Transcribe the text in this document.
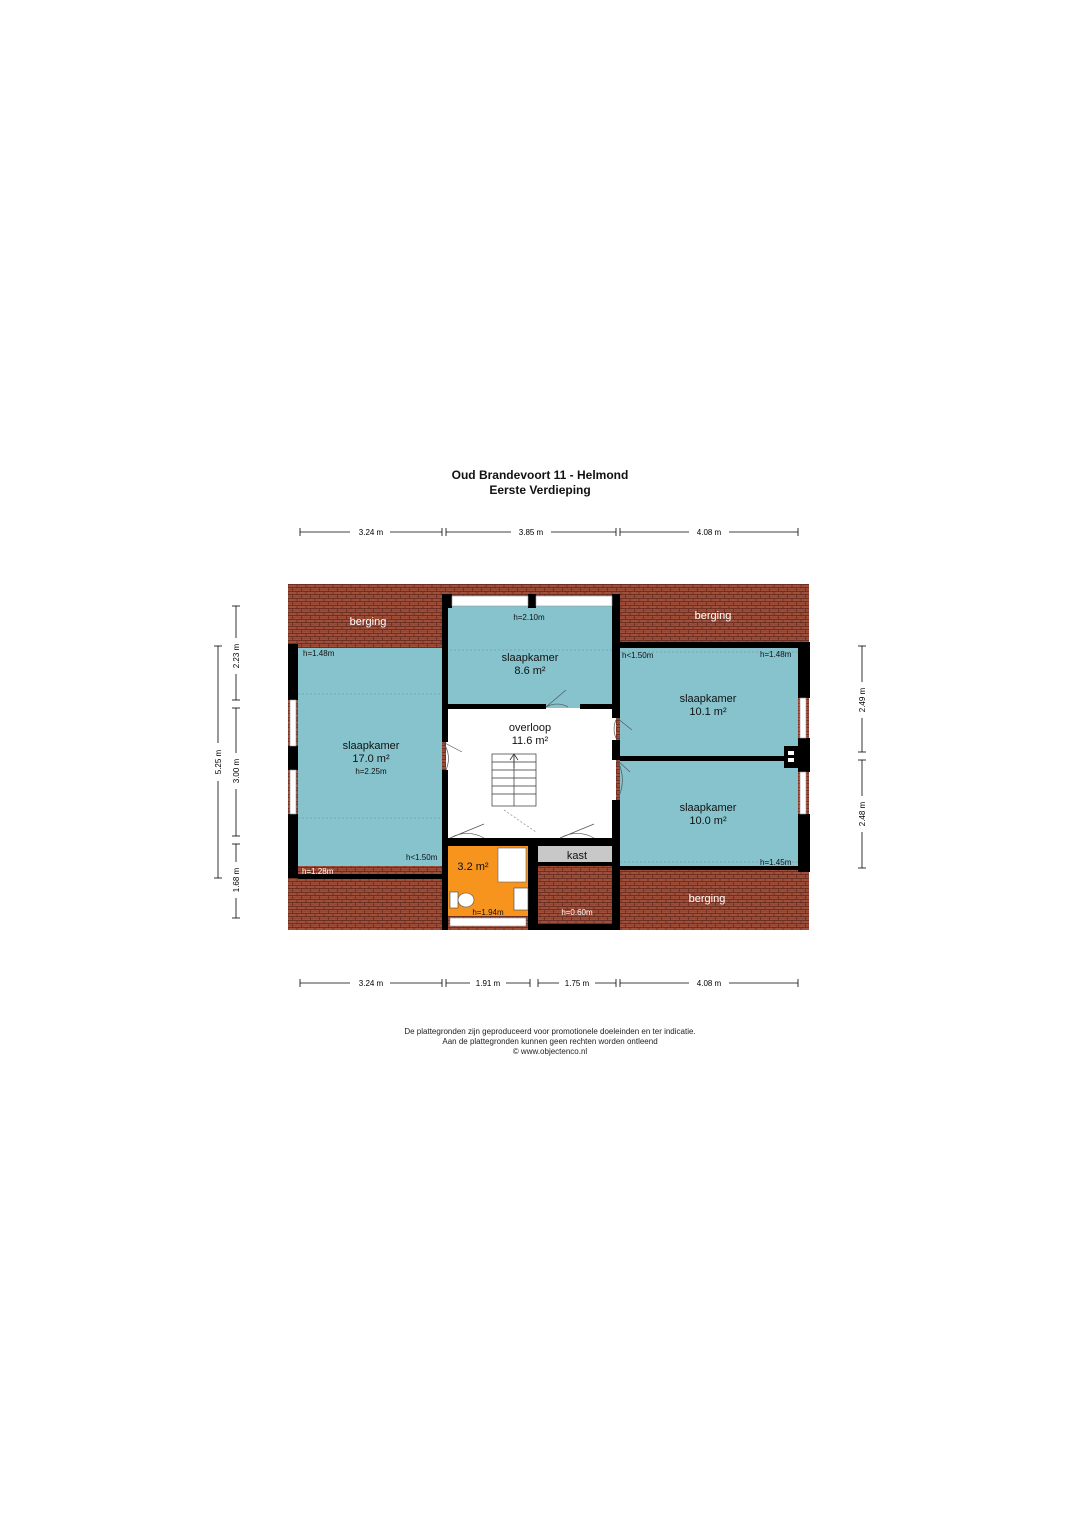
Oud Brandevoort 11 - Helmond
Eerste Verdieping
3.24 m	3.85 m	4.08 m
3.24 m	1.91 m	1.75 m	4.08 m
5.25 m
2.23 m
3.00 m
1.68 m
2.49 m
2.48 m
slaapkamer
17.0 m²
h=2.25m
h=2.10m
slaapkamer
8.6 m²
slaapkamer
10.1 m²
slaapkamer
10.0 m²
overloop
11.6 m²
3.2 m²
h=1.94m
kast
berging	berging
berging
h=0.60m
h=1.48m	h<1.50m	h=1.48m
h=1.28m
h<1.50m
h=1.45m
De plattegronden zijn geproduceerd voor promotionele doeleinden en ter indicatie.
Aan de plattegronden kunnen geen rechten worden ontleend
© www.objectenco.nl
